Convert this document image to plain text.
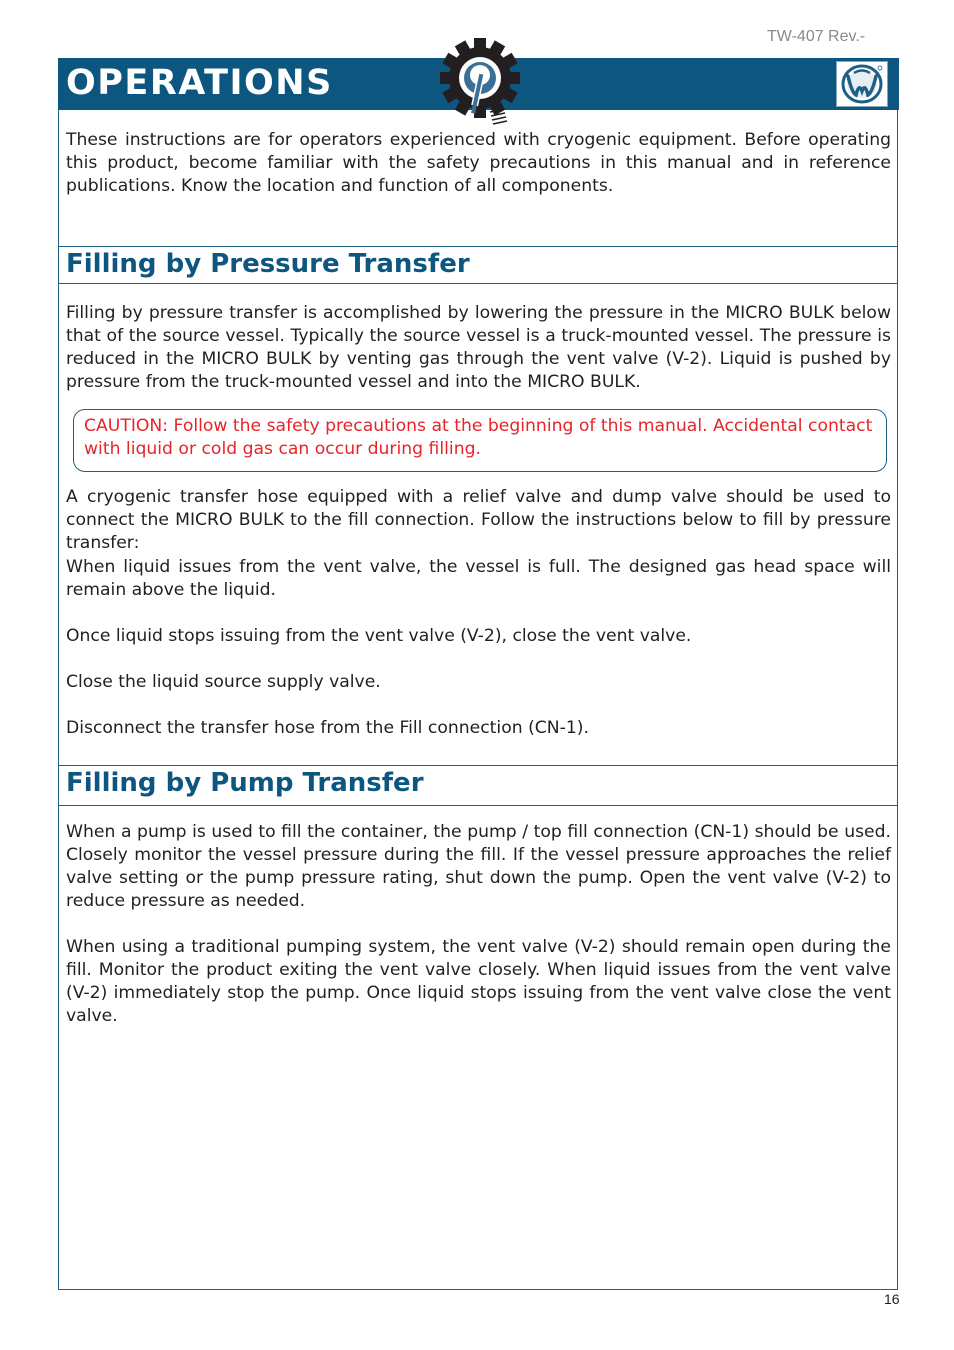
TW-407 Rev.-
OPERATIONS
These instructions are for operators experienced with cryogenic equipment. Before operating this product, become familiar with the safety precautions in this manual and in reference publications. Know the location and function of all components.
Filling by Pressure Transfer
Filling by pressure transfer is accomplished by lowering the pressure in the MICRO BULK below that of the source vessel. Typically the source vessel is a truck-mounted vessel. The pressure is reduced in the MICRO BULK by venting gas through the vent valve (V-2). Liquid is pushed by pressure from the truck-mounted vessel and into the MICRO BULK.
CAUTION: Follow the safety precautions at the beginning of this manual. Accidental contact with liquid or cold gas can occur during filling.
A cryogenic transfer hose equipped with a relief valve and dump valve should be used to connect the MICRO BULK to the fill connection. Follow the instructions below to fill by pressure transfer:
When liquid issues from the vent valve, the vessel is full. The designed gas head space will remain above the liquid.
Once liquid stops issuing from the vent valve (V-2), close the vent valve.
Close the liquid source supply valve.
Disconnect the transfer hose from the Fill connection (CN-1).
Filling by Pump Transfer
When a pump is used to fill the container, the pump / top fill connection (CN-1) should be used. Closely monitor the vessel pressure during the fill. If the vessel pressure approaches the relief valve setting or the pump pressure rating, shut down the pump. Open the vent valve (V-2) to reduce pressure as needed.
When using a traditional pumping system, the vent valve (V-2) should remain open during the fill. Monitor the product exiting the vent valve closely. When liquid issues from the vent valve (V-2) immediately stop the pump. Once liquid stops issuing from the vent valve close the vent valve.
16
